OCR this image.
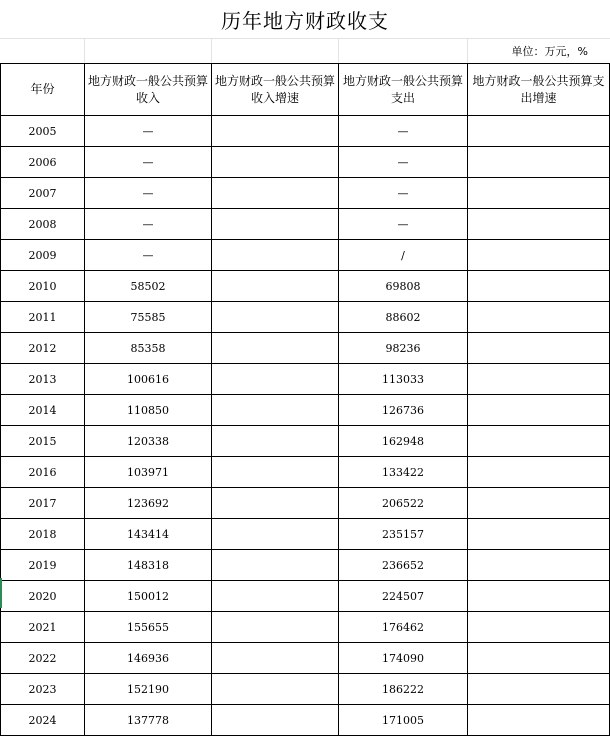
历年地方财政收支
单位：万元，%
年份	地方财政一般公共预算收入	地方财政一般公共预算收入增速	地方财政一般公共预算支出	地方财政一般公共预算支出增速
2005	—		—	
2006	—		—	
2007	—		—	
2008	—		—	
2009	—		/	
2010	58502		69808	
2011	75585		88602	
2012	85358		98236	
2013	100616		113033	
2014	110850		126736	
2015	120338		162948	
2016	103971		133422	
2017	123692		206522	
2018	143414		235157	
2019	148318		236652	
2020	150012		224507	
2021	155655		176462	
2022	146936		174090	
2023	152190		186222	
2024	137778		171005	
